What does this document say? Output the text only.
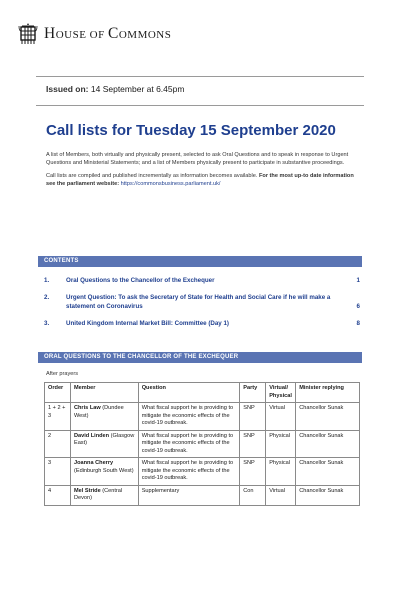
HOUSE OF COMMONS
Issued on: 14 September at 6.45pm
Call lists for Tuesday 15 September 2020

A list of Members, both virtually and physically present, selected to ask Oral Questions and to speak in response to Urgent Questions and Ministerial Statements; and a list of Members physically present to participate in substantive proceedings.

Call lists are compiled and published incrementally as information becomes available. For the most up-to date information see the parliament website: https://commonsbusiness.parliament.uk/

CONTENTS
1.	Oral Questions to the Chancellor of the Exchequer	1
2.	Urgent Question: To ask the Secretary of State for Health and Social Care if he will make a statement on Coronavirus	6
3.	United Kingdom Internal Market Bill: Committee (Day 1)	8
ORAL QUESTIONS TO THE CHANCELLOR OF THE EXCHEQUER
After prayers
Order	Member	Question	Party	Virtual/ Physical	Minister replying
1 + 2 + 3	Chris Law (Dundee West)	What fiscal support he is providing to mitigate the economic effects of the covid-19 outbreak.	SNP	Virtual	Chancellor Sunak
2	David Linden (Glasgow East)	What fiscal support he is providing to mitigate the economic effects of the covid-19 outbreak.	SNP	Physical	Chancellor Sunak
3	Joanna Cherry (Edinburgh South West)	What fiscal support he is providing to mitigate the economic effects of the covid-19 outbreak.	SNP	Physical	Chancellor Sunak
4	Mel Stride (Central Devon)	Supplementary	Con	Virtual	Chancellor Sunak
